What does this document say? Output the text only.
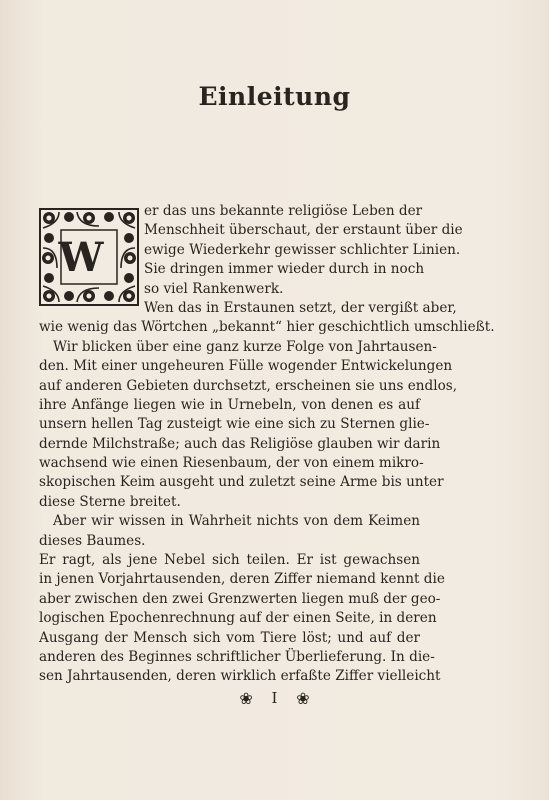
Einleitung
W
er das uns bekannte religiöse Leben der
Menschheit überschaut, der erstaunt über die
ewige Wiederkehr gewisser schlichter Linien.
Sie dringen immer wieder durch in noch
so viel Rankenwerk.
Wen das in Erstaunen setzt, der vergißt aber,
wie wenig das Wörtchen „bekannt“ hier geschichtlich umschließt.
Wir blicken über eine ganz kurze Folge von Jahrtausen-
den. Mit einer ungeheuren Fülle wogender Entwickelungen
auf anderen Gebieten durchsetzt, erscheinen sie uns endlos,
ihre Anfänge liegen wie in Urnebeln, von denen es auf
unsern hellen Tag zusteigt wie eine sich zu Sternen glie-
dernde Milchstraße; auch das Religiöse glauben wir darin
wachsend wie einen Riesenbaum, der von einem mikro-
skopischen Keim ausgeht und zuletzt seine Arme bis unter
diese Sterne breitet.
Aber wir wissen in Wahrheit nichts von dem Keimen
dieses Baumes.
Er ragt, als jene Nebel sich teilen. Er ist gewachsen
in jenen Vorjahrtausenden, deren Ziffer niemand kennt die
aber zwischen den zwei Grenzwerten liegen muß der geo-
logischen Epochenrechnung auf der einen Seite, in deren
Ausgang der Mensch sich vom Tiere löst; und auf der
anderen des Beginnes schriftlicher Überlieferung. In die-
sen Jahrtausenden, deren wirklich erfaßte Ziffer vielleicht
❀ I ❀
